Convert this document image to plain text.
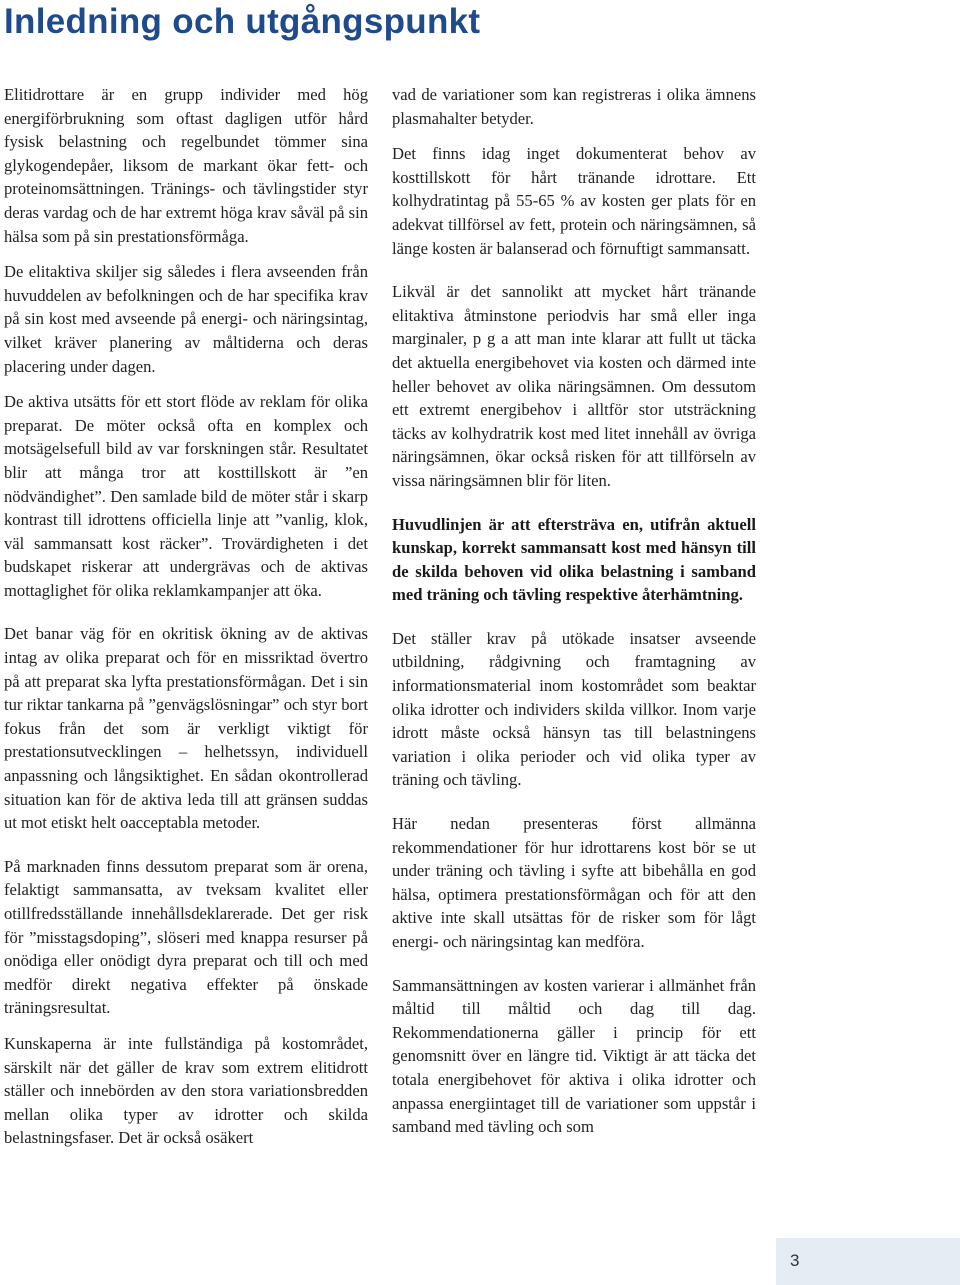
Inledning och utgångspunkt

Elitidrottare är en grupp individer med hög energiförbrukning som oftast dagligen utför hård fysisk belastning och regelbundet tömmer sina glykogendepåer, liksom de markant ökar fett- och proteinomsättningen. Tränings- och tävlingstider styr deras vardag och de har extremt höga krav såväl på sin hälsa som på sin prestationsförmåga.

De elitaktiva skiljer sig således i flera avseenden från huvuddelen av befolkningen och de har specifika krav på sin kost med avseende på energi- och näringsintag, vilket kräver planering av måltiderna och deras placering under dagen.

De aktiva utsätts för ett stort flöde av reklam för olika preparat. De möter också ofta en komplex och motsägelsefull bild av var forskningen står. Resultatet blir att många tror att kosttillskott är ”en nödvändighet”. Den samlade bild de möter står i skarp kontrast till idrottens officiella linje att ”vanlig, klok, väl sammansatt kost räcker”. Trovärdigheten i det budskapet riskerar att undergrävas och de aktivas mottaglighet för olika reklamkampanjer att öka.

Det banar väg för en okritisk ökning av de aktivas intag av olika preparat och för en missriktad övertro på att preparat ska lyfta prestationsförmågan. Det i sin tur riktar tankarna på ”genvägslösningar” och styr bort fokus från det som är verkligt viktigt för prestationsutvecklingen – helhetssyn, individuell anpassning och långsiktighet. En sådan okontrollerad situation kan för de aktiva leda till att gränsen suddas ut mot etiskt helt oacceptabla metoder.

På marknaden finns dessutom preparat som är orena, felaktigt sammansatta, av tveksam kvalitet eller otillfredsställande innehållsdeklarerade. Det ger risk för ”misstagsdoping”, slöseri med knappa resurser på onödiga eller onödigt dyra preparat och till och med medför direkt negativa effekter på önskade träningsresultat.

Kunskaperna är inte fullständiga på kostområdet, särskilt när det gäller de krav som extrem elitidrott ställer och innebörden av den stora variationsbredden mellan olika typer av idrotter och skilda belastningsfaser. Det är också osäkert

vad de variationer som kan registreras i olika ämnens plasmahalter betyder.

Det finns idag inget dokumenterat behov av kosttillskott för hårt tränande idrottare. Ett kolhydratintag på 55-65 % av kosten ger plats för en adekvat tillförsel av fett, protein och näringsämnen, så länge kosten är balanserad och förnuftigt sammansatt.

Likväl är det sannolikt att mycket hårt tränande elitaktiva åtminstone periodvis har små eller inga marginaler, p g a att man inte klarar att fullt ut täcka det aktuella energibehovet via kosten och därmed inte heller behovet av olika näringsämnen. Om dessutom ett extremt energibehov i alltför stor utsträckning täcks av kolhydratrik kost med litet innehåll av övriga näringsämnen, ökar också risken för att tillförseln av vissa näringsämnen blir för liten.

Huvudlinjen är att eftersträva en, utifrån aktuell kunskap, korrekt sammansatt kost med hänsyn till de skilda behoven vid olika belastning i samband med träning och tävling respektive återhämtning.

Det ställer krav på utökade insatser avseende utbildning, rådgivning och framtagning av informationsmaterial inom kostområdet som beaktar olika idrotter och individers skilda villkor. Inom varje idrott måste också hänsyn tas till belastningens variation i olika perioder och vid olika typer av träning och tävling.

Här nedan presenteras först allmänna rekommendationer för hur idrottarens kost bör se ut under träning och tävling i syfte att bibehålla en god hälsa, optimera prestationsförmågan och för att den aktive inte skall utsättas för de risker som för lågt energi- och näringsintag kan medföra.

Sammansättningen av kosten varierar i allmänhet från måltid till måltid och dag till dag. Rekommendationerna gäller i princip för ett genomsnitt över en längre tid. Viktigt är att täcka det totala energibehovet för aktiva i olika idrotter och anpassa energiintaget till de variationer som uppstår i samband med tävling och som

3
